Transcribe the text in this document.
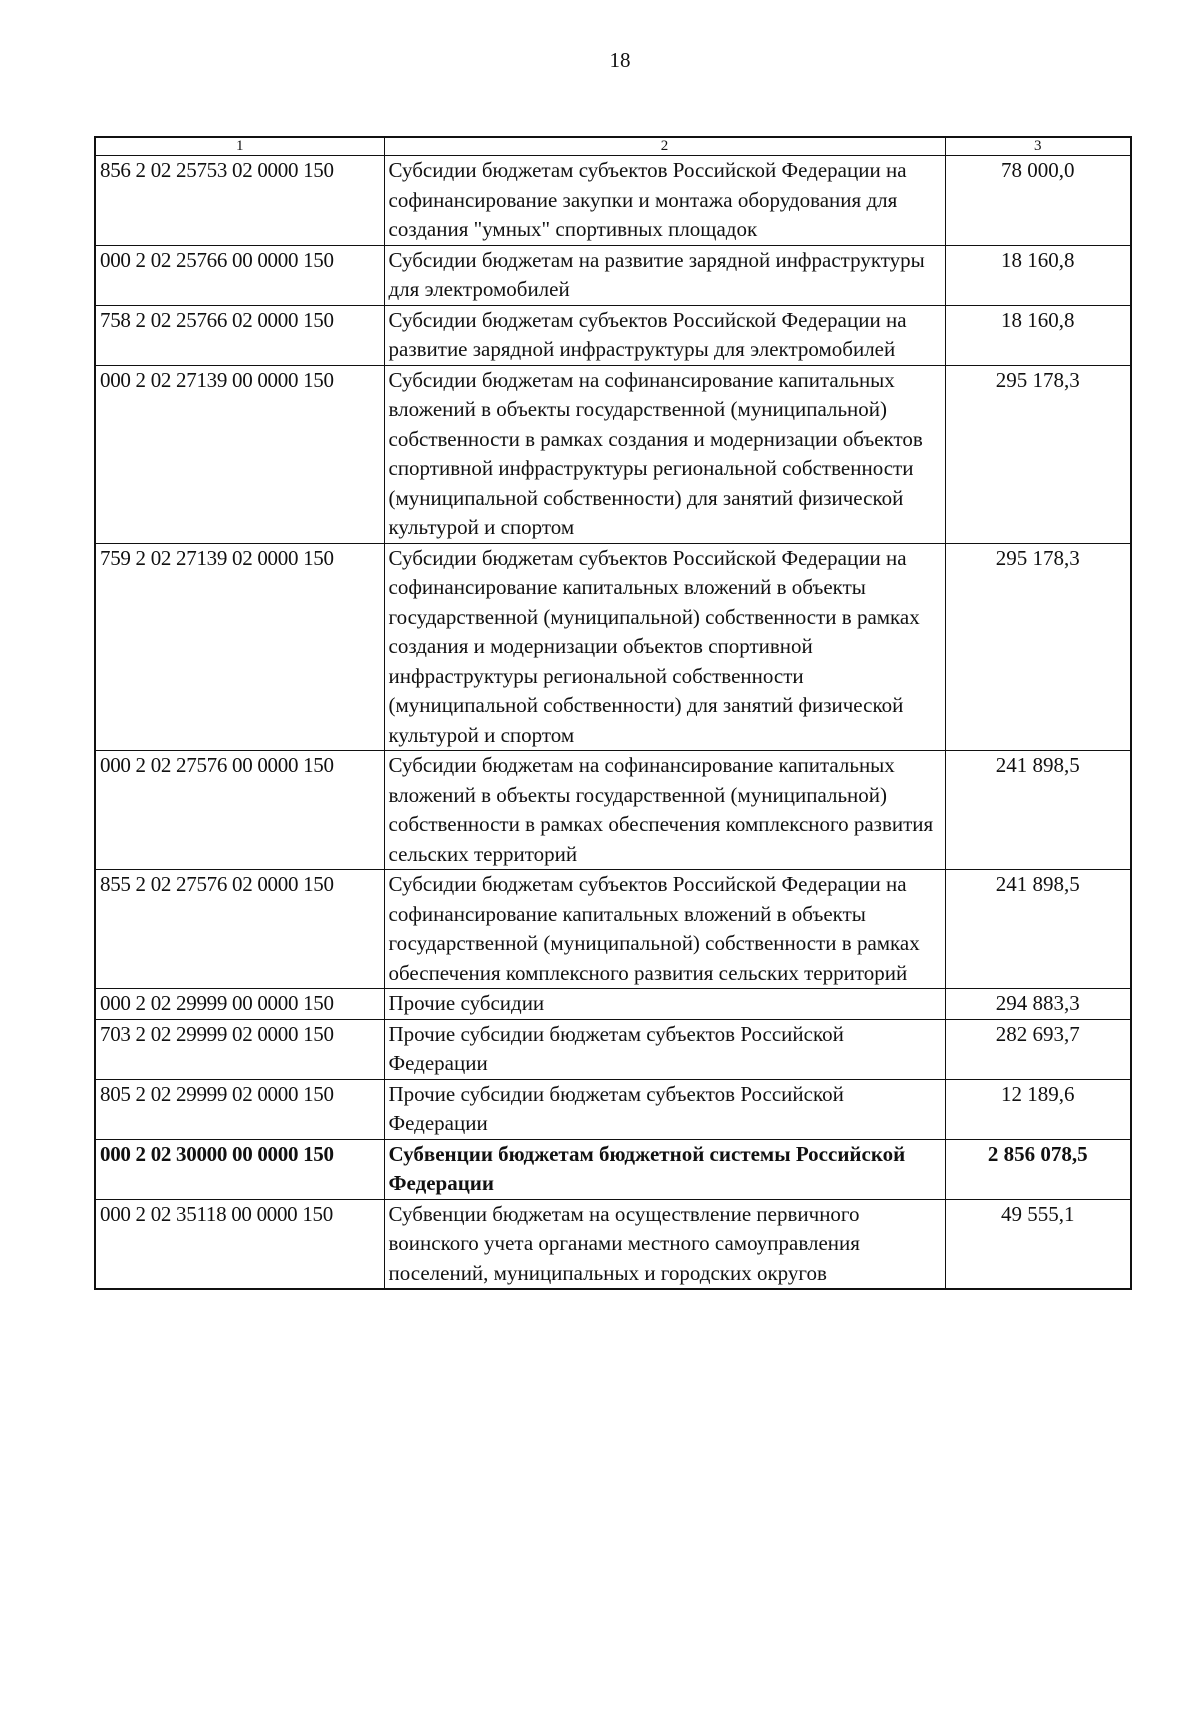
18
1	2	3
856 2 02 25753 02 0000 150	Субсидии бюджетам субъектов Российской Федерации на софинансирование закупки и монтажа оборудования для создания "умных" спортивных площадок	78 000,0
000 2 02 25766 00 0000 150	Субсидии бюджетам на развитие зарядной инфраструктуры для электромобилей	18 160,8
758 2 02 25766 02 0000 150	Субсидии бюджетам субъектов Российской Федерации на развитие зарядной инфраструктуры для электромобилей	18 160,8
000 2 02 27139 00 0000 150	Субсидии бюджетам на софинансирование капитальных вложений в объекты государственной (муниципальной) собственности в рамках создания и модернизации объектов спортивной инфраструктуры региональной собственности (муниципальной собственности) для занятий физической культурой и спортом	295 178,3
759 2 02 27139 02 0000 150	Субсидии бюджетам субъектов Российской Федерации на софинансирование капитальных вложений в объекты государственной (муниципальной) собственности в рамках создания и модернизации объектов спортивной инфраструктуры региональной собственности (муниципальной собственности) для занятий физической культурой и спортом	295 178,3
000 2 02 27576 00 0000 150	Субсидии бюджетам на софинансирование капитальных вложений в объекты государственной (муниципальной) собственности в рамках обеспечения комплексного развития сельских территорий	241 898,5
855 2 02 27576 02 0000 150	Субсидии бюджетам субъектов Российской Федерации на софинансирование капитальных вложений в объекты государственной (муниципальной) собственности в рамках обеспечения комплексного развития сельских территорий	241 898,5
000 2 02 29999 00 0000 150	Прочие субсидии	294 883,3
703 2 02 29999 02 0000 150	Прочие субсидии бюджетам субъектов Российской Федерации	282 693,7
805 2 02 29999 02 0000 150	Прочие субсидии бюджетам субъектов Российской Федерации	12 189,6
000 2 02 30000 00 0000 150	Субвенции бюджетам бюджетной системы Российской Федерации	2 856 078,5
000 2 02 35118 00 0000 150	Субвенции бюджетам на осуществление первичного воинского учета органами местного самоуправления поселений, муниципальных и городских округов	49 555,1
